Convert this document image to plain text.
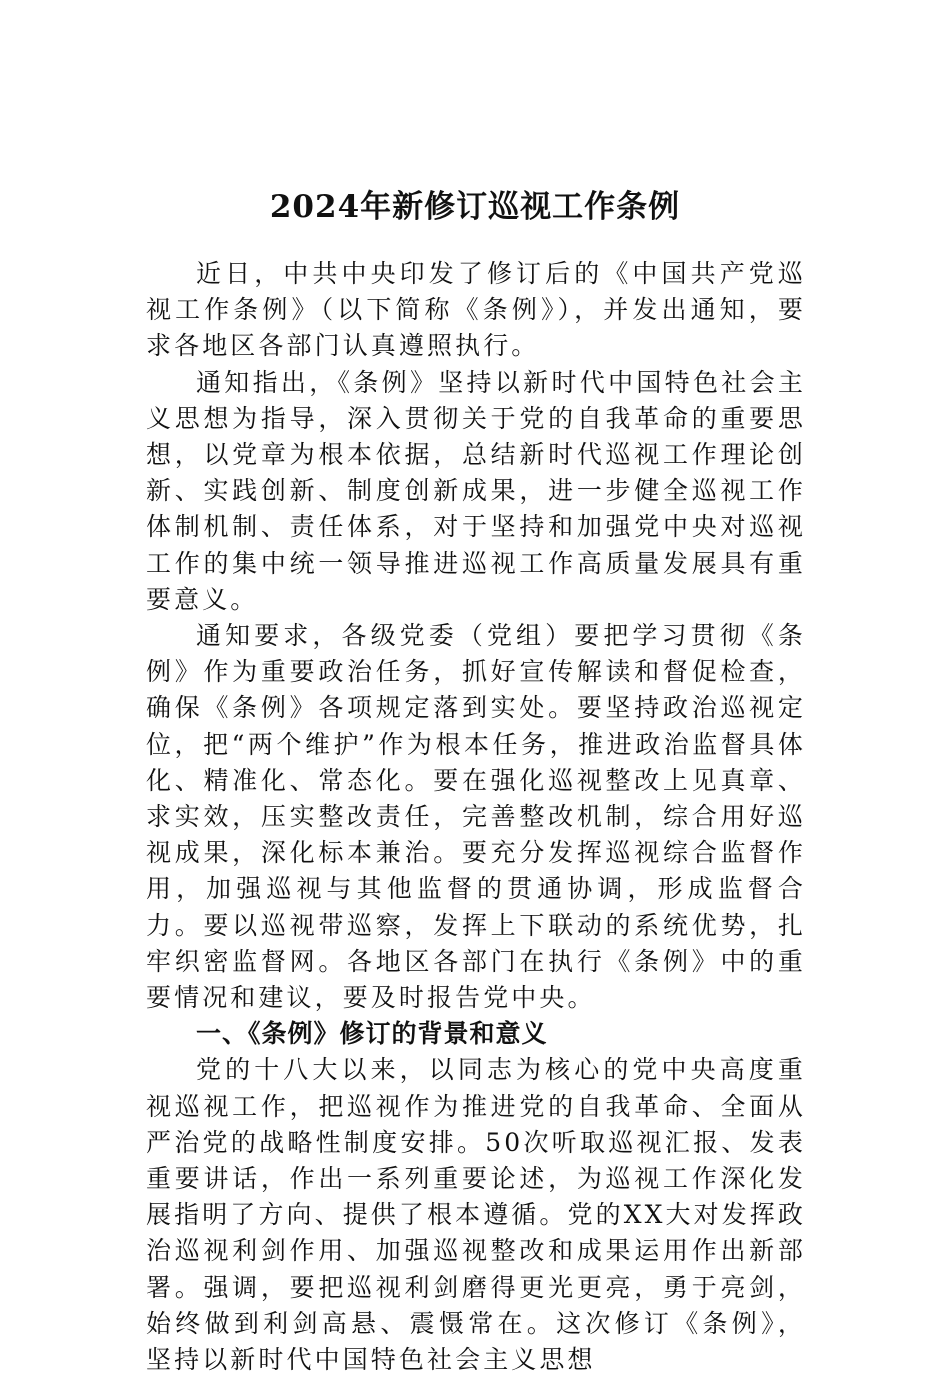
2024年新修订巡视工作条例

近日，中共中央印发了修订后的《中国共产党巡视工作条例》（以下简称《条例》），并发出通知，要求各地区各部门认真遵照执行。

通知指出，《条例》坚持以新时代中国特色社会主义思想为指导，深入贯彻关于党的自我革命的重要思想，以党章为根本依据，总结新时代巡视工作理论创新、实践创新、制度创新成果，进一步健全巡视工作体制机制、责任体系，对于坚持和加强党中央对巡视工作的集中统一领导推进巡视工作高质量发展具有重要意义。

通知要求，各级党委（党组）要把学习贯彻《条例》作为重要政治任务，抓好宣传解读和督促检查，确保《条例》各项规定落到实处。要坚持政治巡视定位，把“两个维护”作为根本任务，推进政治监督具体化、精准化、常态化。要在强化巡视整改上见真章、求实效，压实整改责任，完善整改机制，综合用好巡视成果，深化标本兼治。要充分发挥巡视综合监督作用，加强巡视与其他监督的贯通协调，形成监督合力。要以巡视带巡察，发挥上下联动的系统优势，扎牢织密监督网。各地区各部门在执行《条例》中的重要情况和建议，要及时报告党中央。

一、《条例》修订的背景和意义

党的十八大以来，以同志为核心的党中央高度重视巡视工作，把巡视作为推进党的自我革命、全面从严治党的战略性制度安排。50次听取巡视汇报、发表重要讲话，作出一系列重要论述，为巡视工作深化发展指明了方向、提供了根本遵循。党的XX大对发挥政治巡视利剑作用、加强巡视整改和成果运用作出新部署。强调，要把巡视利剑磨得更光更亮，勇于亮剑，始终做到利剑高悬、震慑常在。这次修订《条例》，坚持以新时代中国特色社会主义思想
